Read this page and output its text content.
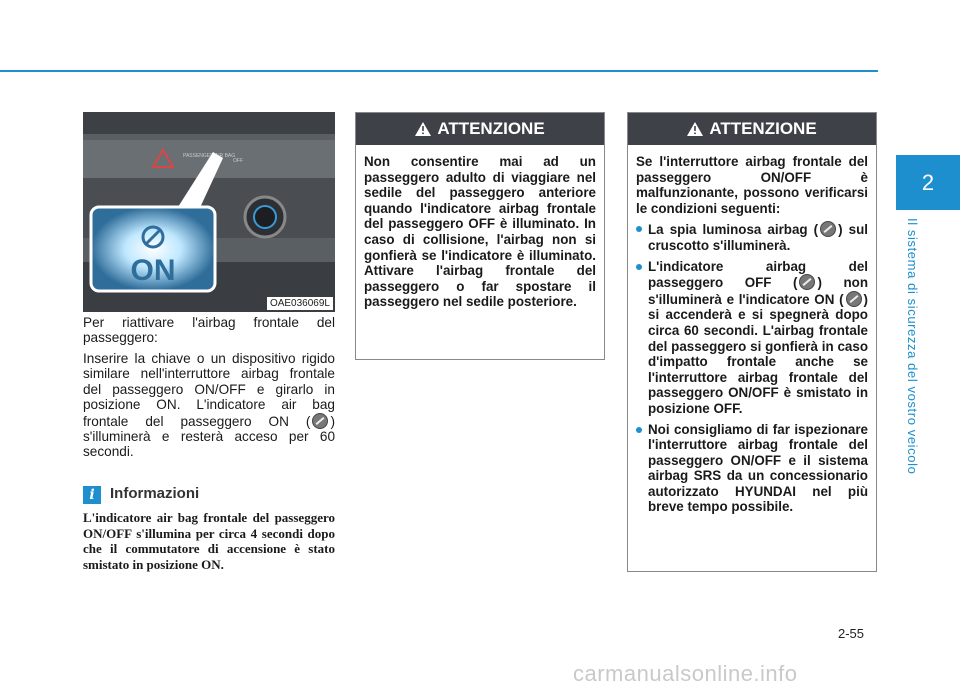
2
Il sistema di sicurezza del vostro veicolo
PASSENGER AIR BAG
OFF
ON
OAE036069L
Per riattivare l'airbag frontale del passeggero:
Inserire la chiave o un dispositivo rigido similare nell'interruttore airbag frontale del passeggero ON/OFF e girarlo in posizione ON. L'indicatore air bag frontale del passeggero ON ( ) s'illuminerà e resterà acceso per 60 secondi.
i	Informazioni
L'indicatore air bag frontale del passeggero ON/OFF s'illumina per circa 4 secondi dopo che il commutatore di accensione è stato smistato in posizione ON.
ATTENZIONE
Non consentire mai ad un passeggero adulto di viaggiare nel sedile del passeggero anteriore quando l'indicatore airbag frontale del passeggero OFF è illuminato. In caso di collisione, l'airbag non si gonfierà se l'indicatore è illuminato. Attivare l'airbag frontale del passeggero o far spostare il passeggero nel sedile posteriore.
ATTENZIONE
Se l'interruttore airbag frontale del passeggero ON/OFF è malfunzionante, possono verificarsi le condizioni seguenti:
La spia luminosa airbag ( ) sul cruscotto s'illuminerà.
L'indicatore airbag del passeggero OFF ( ) non s'illuminerà e l'indicatore ON ( ) si accenderà e si spegnerà dopo circa 60 secondi. L'airbag frontale del passeggero si gonfierà in caso d'impatto frontale anche se l'interruttore airbag frontale del passeggero ON/OFF è smistato in posizione OFF.
Noi consigliamo di far ispezionare l'interruttore airbag frontale del passeggero ON/OFF e il sistema airbag SRS da un concessionario autorizzato HYUNDAI nel più breve tempo possibile.
2-55
carmanualsonline.info
